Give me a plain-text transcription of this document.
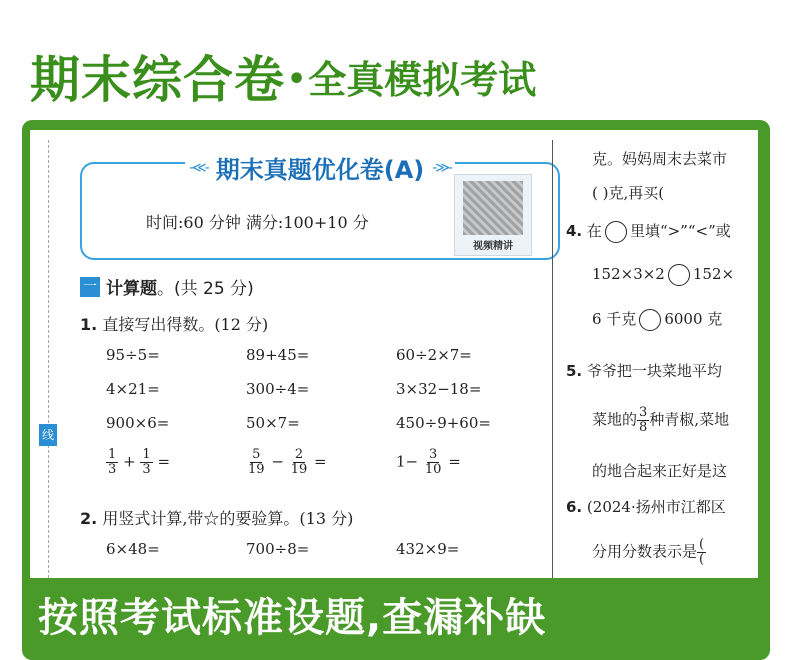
期末综合卷 • 全真模拟考试
线
-≪- 期末真题优化卷(A) -≫-
时间:60 分钟 满分:100+10 分
视频精讲
一 计算题 。(共 25 分)
1. 直接写出得数。(12 分)
95÷5=	89+45=	60÷2×7=
4×21=	300÷4=	3×32−18=
900×6=	50×7=	450÷9+60=
$\frac{1}{3} + \frac{1}{3}$ =	$\frac{5}{19} - \frac{2}{19}$ =	$1- \frac{3}{10}$ =
2. 用竖式计算,带☆的要验算。(13 分)
6×48=	700÷8=	432×9=
克。妈妈周末去菜市
( )克,再买(
4. 在 里填“>”“<”或
152×3×2 152×
6 千克 6000 克
5. 爷爷把一块菜地平均
菜地的 $\frac{3}{8}$ 种青椒,菜地
的地合起来正好是这
6. (2024·扬州市江都区
分用分数表示是 $\frac{(}{(}$
按照考试标准设题,查漏补缺
